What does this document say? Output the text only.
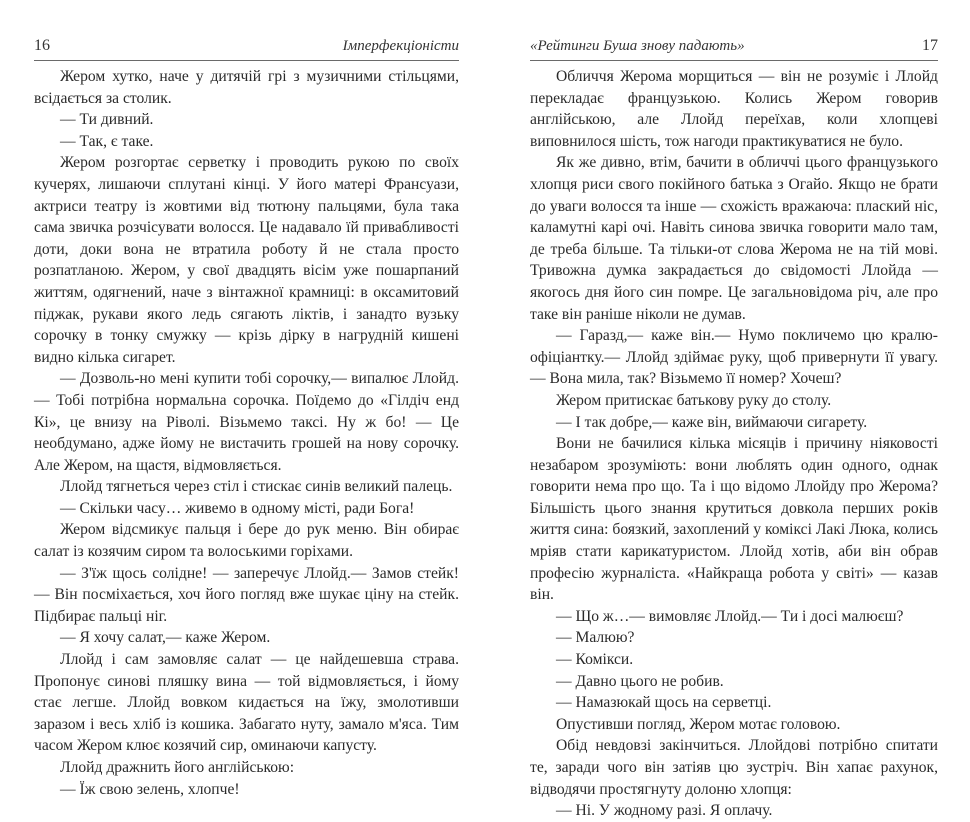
16	Імперфекціоністи

Жером хутко, наче у дитячій грі з музичними стільцями, всідається за столик.

— Ти дивний.

— Так, є таке.

Жером розгортає серветку і проводить рукою по своїх кучерях, лишаючи сплутані кінці. У його матері Франсуази, актриси театру із жовтими від тютюну пальцями, була така сама звичка розчісувати волосся. Це надавало їй привабливості доти, доки вона не втратила роботу й не стала просто розпатланою. Жером, у свої двадцять вісім уже пошарпаний життям, одягнений, наче з вінтажної крамниці: в оксамитовий піджак, рукави якого ледь сягають ліктів, і занадто вузьку сорочку в тонку смужку — крізь дірку в нагрудній кишені видно кілька сигарет.

— Дозволь-но мені купити тобі сорочку,— випалює Ллойд.— Тобі потрібна нормальна сорочка. Поїдемо до «Гілдіч енд Кі», це внизу на Ріволі. Візьмемо таксі. Ну ж бо! — Це необдумано, адже йому не вистачить грошей на нову сорочку. Але Жером, на щастя, відмовляється.

Ллойд тягнеться через стіл і стискає синів великий палець.

— Скільки часу… живемо в одному місті, ради Бога!

Жером відсмикує пальця і бере до рук меню. Він обирає салат із козячим сиром та волоськими горіхами.

— З'їж щось солідне! — заперечує Ллойд.— Замов стейк! — Він посміхається, хоч його погляд вже шукає ціну на стейк. Підбирає пальці ніг.

— Я хочу салат,— каже Жером.

Ллойд і сам замовляє салат — це найдешевша страва. Пропонує синові пляшку вина — той відмовляється, і йому стає легше. Ллойд вовком кидається на їжу, змолотивши заразом і весь хліб із кошика. Забагато нуту, замало м'яса. Тим часом Жером клює козячий сир, оминаючи капусту.

Ллойд дражнить його англійською:

— Їж свою зелень, хлопче!

«Рейтинги Буша знову падають»	17

Обличчя Жерома морщиться — він не розуміє і Ллойд перекладає французькою. Колись Жером говорив англійською, але Ллойд переїхав, коли хлопцеві виповнилося шість, тож нагоди практикуватися не було.

Як же дивно, втім, бачити в обличчі цього французького хлопця риси свого покійного батька з Огайо. Якщо не брати до уваги волосся та інше — схожість вражаюча: плаский ніс, каламутні карі очі. Навіть синова звичка говорити мало там, де треба більше. Та тільки-от слова Жерома не на тій мові. Тривожна думка закрадається до свідомості Ллойда — якогось дня його син помре. Це загальновідома річ, але про таке він раніше ніколи не думав.

— Гаразд,— каже він.— Нумо покличемо цю кралю-офіціантку.— Ллойд здіймає руку, щоб привернути її увагу.— Вона мила, так? Візьмемо її номер? Хочеш?

Жером притискає батькову руку до столу.

— І так добре,— каже він, виймаючи сигарету.

Вони не бачилися кілька місяців і причину ніяковості незабаром зрозуміють: вони люблять один одного, однак говорити нема про що. Та і що відомо Ллойду про Жерома? Більшість цього знання крутиться довкола перших років життя сина: боязкий, захоплений у коміксі Лакі Люка, колись мріяв стати карикатуристом. Ллойд хотів, аби він обрав професію журналіста. «Найкраща робота у світі» — казав він.

— Що ж…— вимовляє Ллойд.— Ти і досі малюєш?

— Малюю?

— Комікси.

— Давно цього не робив.

— Намазюкай щось на серветці.

Опустивши погляд, Жером мотає головою.

Обід невдовзі закінчиться. Ллойдові потрібно спитати те, заради чого він затіяв цю зустріч. Він хапає рахунок, відводячи простягнуту долоню хлопця:

— Ні. У жодному разі. Я оплачу.
